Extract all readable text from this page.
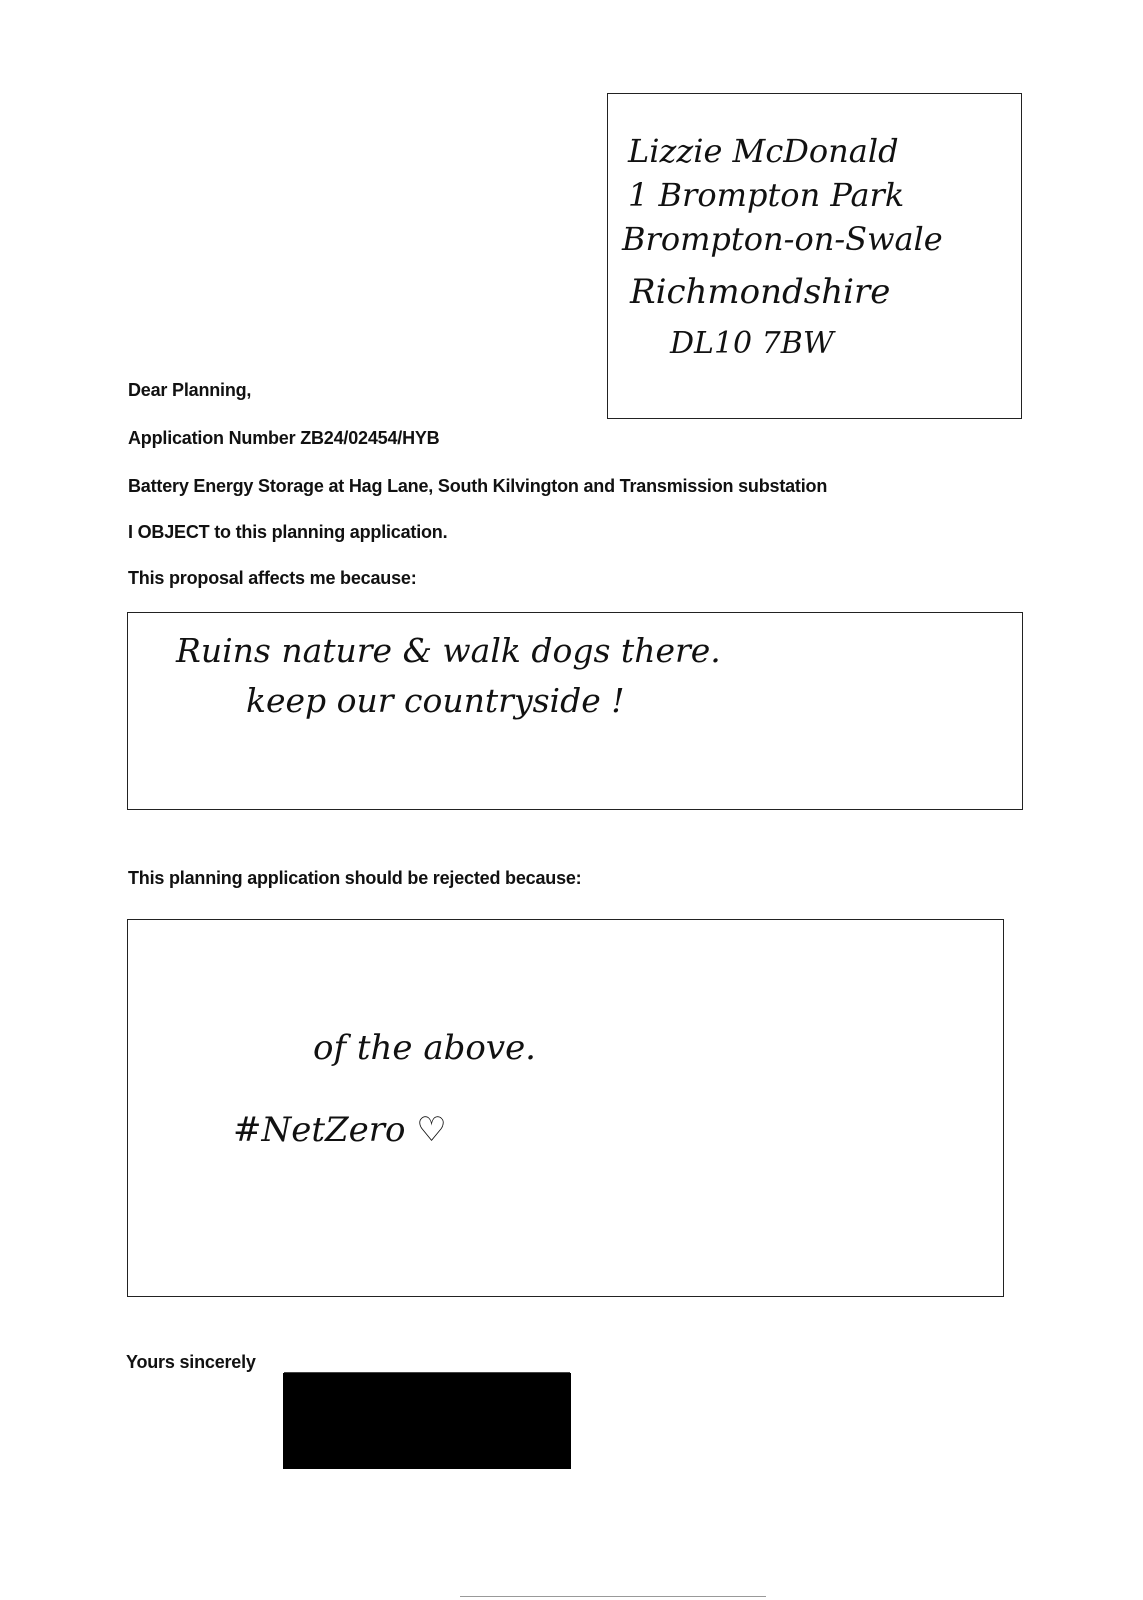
Lizzie McDonald
1 Brompton Park
Brompton-on-Swale
Richmondshire
DL10 7BW
Dear Planning,
Application Number ZB24/02454/HYB
Battery Energy Storage at Hag Lane, South Kilvington and Transmission substation
I OBJECT to this planning application.
This proposal affects me because:
Ruins nature & walk dogs there.
keep our countryside !
This planning application should be rejected because:
of the above.
#NetZero ♡
Yours sincerely
